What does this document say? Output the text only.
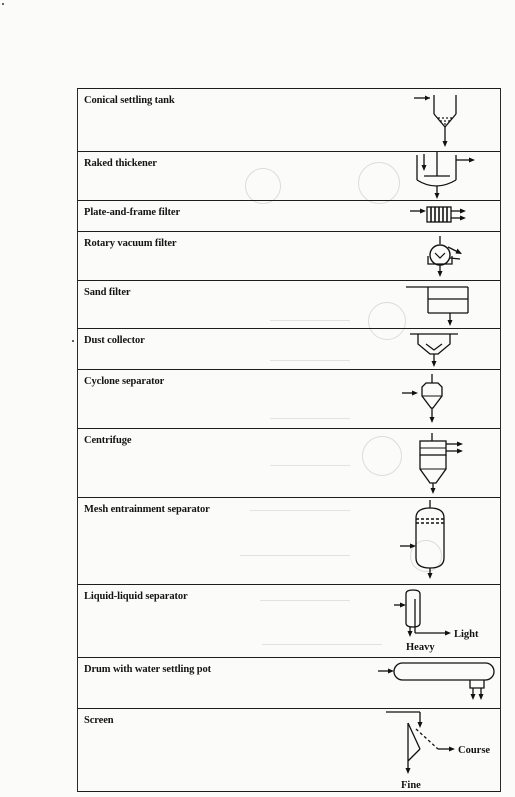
Conical settling tank
Raked thickener
Plate-and-frame filter
Rotary vacuum filter
Sand filter
Dust collector
Cyclone separator
Centrifuge
Mesh entrainment separator
Liquid-liquid separator
Light
Heavy
Drum with water settling pot
Screen
Course
Fine
